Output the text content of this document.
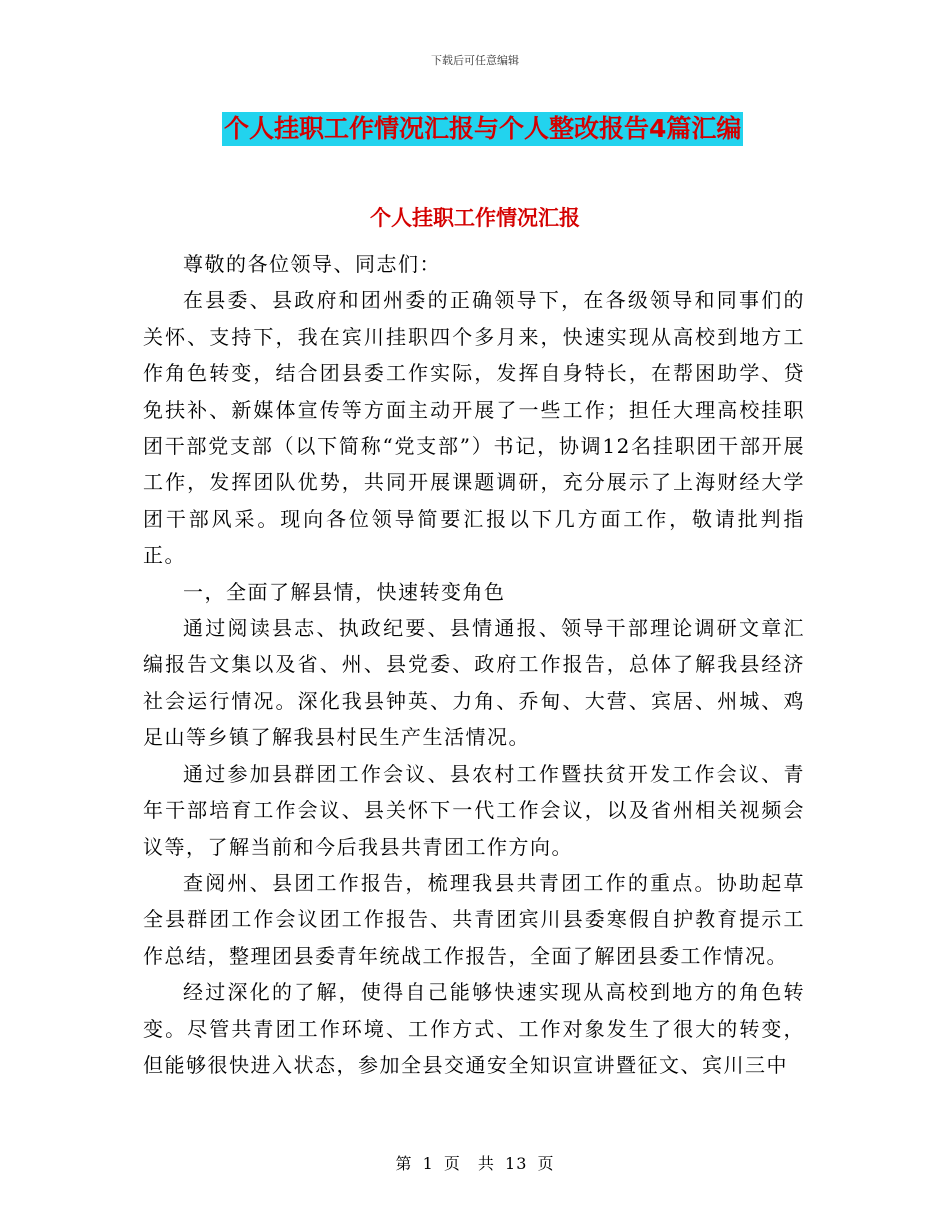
下载后可任意编辑
个人挂职工作情况汇报与个人整改报告4篇汇编
个人挂职工作情况汇报

尊敬的各位领导、同志们：

在县委、县政府和团州委的正确领导下，在各级领导和同事们的关怀、支持下，我在宾川挂职四个多月来，快速实现从高校到地方工作角色转变，结合团县委工作实际，发挥自身特长，在帮困助学、贷免扶补、新媒体宣传等方面主动开展了一些工作；担任大理高校挂职团干部党支部（以下简称“党支部”）书记，协调12名挂职团干部开展工作，发挥团队优势，共同开展课题调研，充分展示了上海财经大学团干部风采。现向各位领导简要汇报以下几方面工作，敬请批判指正。

一，全面了解县情，快速转变角色

通过阅读县志、执政纪要、县情通报、领导干部理论调研文章汇编报告文集以及省、州、县党委、政府工作报告，总体了解我县经济社会运行情况。深化我县钟英、力角、乔甸、大营、宾居、州城、鸡足山等乡镇了解我县村民生产生活情况。

通过参加县群团工作会议、县农村工作暨扶贫开发工作会议、青年干部培育工作会议、县关怀下一代工作会议，以及省州相关视频会议等，了解当前和今后我县共青团工作方向。

查阅州、县团工作报告，梳理我县共青团工作的重点。协助起草全县群团工作会议团工作报告、共青团宾川县委寒假自护教育提示工作总结，整理团县委青年统战工作报告，全面了解团县委工作情况。

经过深化的了解，使得自己能够快速实现从高校到地方的角色转变。尽管共青团工作环境、工作方式、工作对象发生了很大的转变，但能够很快进入状态，参加全县交通安全知识宣讲暨征文、宾川三中

第 1 页　共 13 页
